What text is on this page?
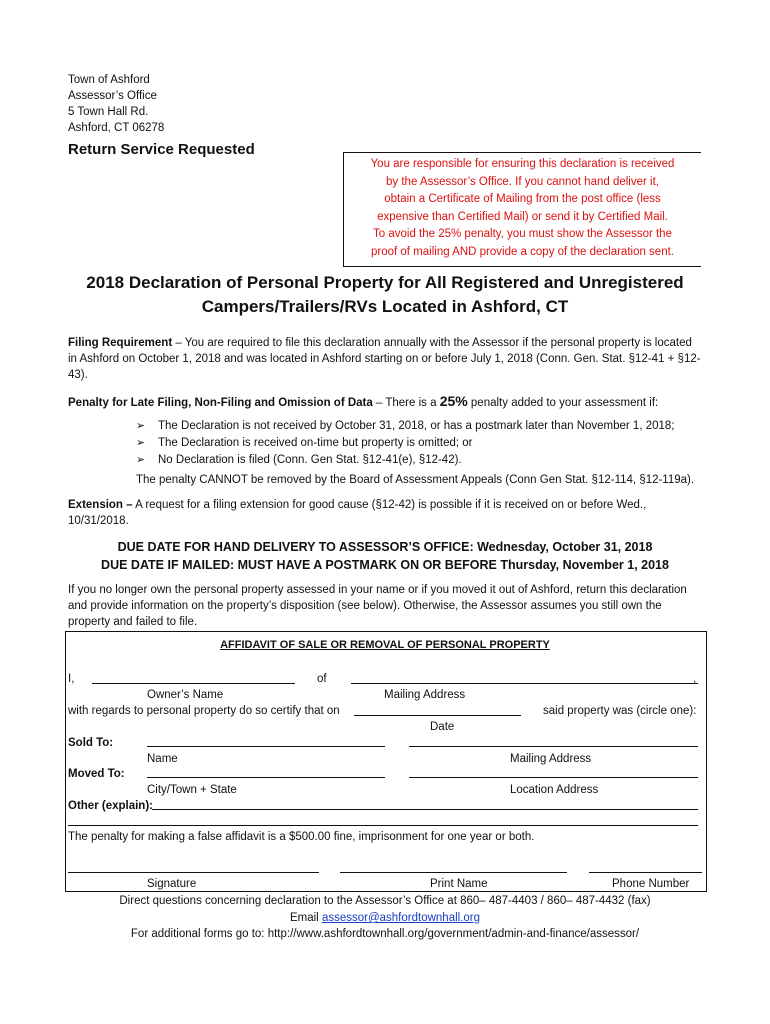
Town of Ashford
Assessor’s Office
5 Town Hall Rd.
Ashford, CT 06278
Return Service Requested
You are responsible for ensuring this declaration is received
by the Assessor’s Office. If you cannot hand deliver it,
obtain a Certificate of Mailing from the post office (less
expensive than Certified Mail) or send it by Certified Mail.
To avoid the 25% penalty, you must show the Assessor the
proof of mailing AND provide a copy of the declaration sent.
2018 Declaration of Personal Property for All Registered and Unregistered
Campers/Trailers/RVs Located in Ashford, CT
Filing Requirement – You are required to file this declaration annually with the Assessor if the personal property is located in Ashford on October 1, 2018 and was located in Ashford starting on or before July 1, 2018 (Conn. Gen. Stat. §12-41 + §12-43).
Penalty for Late Filing, Non-Filing and Omission of Data – There is a 25% penalty added to your assessment if:
➢ The Declaration is not received by October 31, 2018, or has a postmark later than November 1, 2018;
➢ The Declaration is received on-time but property is omitted; or
➢ No Declaration is filed (Conn. Gen Stat. §12-41(e), §12-42).
The penalty CANNOT be removed by the Board of Assessment Appeals (Conn Gen Stat. §12-114, §12-119a).
Extension – A request for a filing extension for good cause (§12-42) is possible if it is received on or before Wed., 10/31/2018.
DUE DATE FOR HAND DELIVERY TO ASSESSOR’S OFFICE: Wednesday, October 31, 2018
DUE DATE IF MAILED: MUST HAVE A POSTMARK ON OR BEFORE Thursday, November 1, 2018
If you no longer own the personal property assessed in your name or if you moved it out of Ashford, return this declaration and provide information on the property’s disposition (see below). Otherwise, the Assessor assumes you still own the property and failed to file.
AFFIDAVIT OF SALE OR REMOVAL OF PERSONAL PROPERTY
I,	of	,
Owner’s Name	Mailing Address
with regards to personal property do so certify that on	said property was (circle one):
Date
Sold To:
Name	Mailing Address
Moved To:
City/Town + State	Location Address
Other (explain):
The penalty for making a false affidavit is a $500.00 fine, imprisonment for one year or both.
Signature	Print Name	Phone Number
Direct questions concerning declaration to the Assessor’s Office at 860– 487-4403 / 860– 487-4432 (fax)
Email assessor@ashfordtownhall.org
For additional forms go to: http://www.ashfordtownhall.org/government/admin-and-finance/assessor/
